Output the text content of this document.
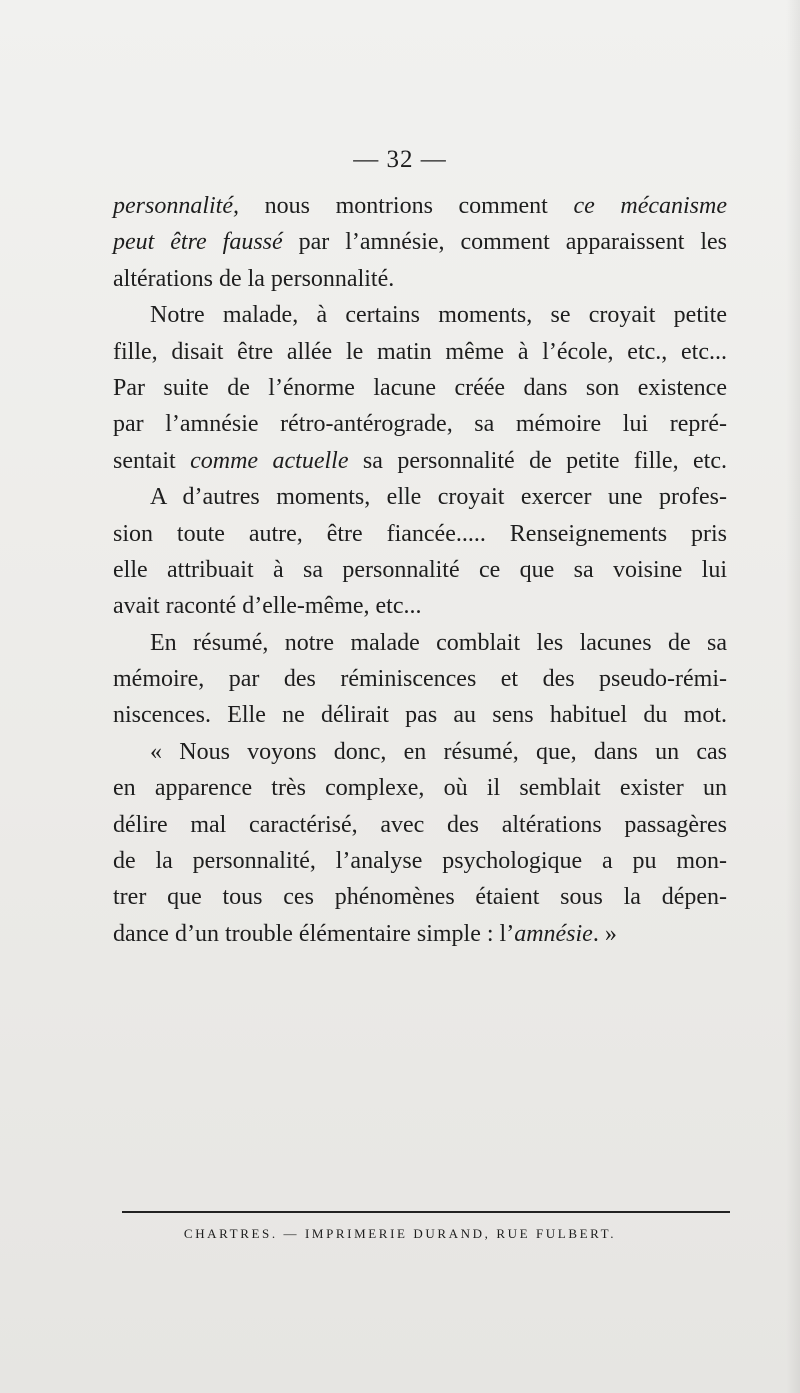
— 32 —
personnalité, nous montrions comment ce mécanisme
peut être faussé par l’amnésie, comment apparaissent les
altérations de la personnalité.
Notre malade, à certains moments, se croyait petite
fille, disait être allée le matin même à l’école, etc., etc...
Par suite de l’énorme lacune créée dans son existence
par l’amnésie rétro-antérograde, sa mémoire lui repré-
sentait comme actuelle sa personnalité de petite fille, etc.
A d’autres moments, elle croyait exercer une profes-
sion toute autre, être fiancée..... Renseignements pris
elle attribuait à sa personnalité ce que sa voisine lui
avait raconté d’elle-même, etc...
En résumé, notre malade comblait les lacunes de sa
mémoire, par des réminiscences et des pseudo-rémi-
niscences. Elle ne délirait pas au sens habituel du mot.
« Nous voyons donc, en résumé, que, dans un cas
en apparence très complexe, où il semblait exister un
délire mal caractérisé, avec des altérations passagères
de la personnalité, l’analyse psychologique a pu mon-
trer que tous ces phénomènes étaient sous la dépen-
dance d’un trouble élémentaire simple : l’amnésie. »
CHARTRES. — IMPRIMERIE DURAND, RUE FULBERT.
